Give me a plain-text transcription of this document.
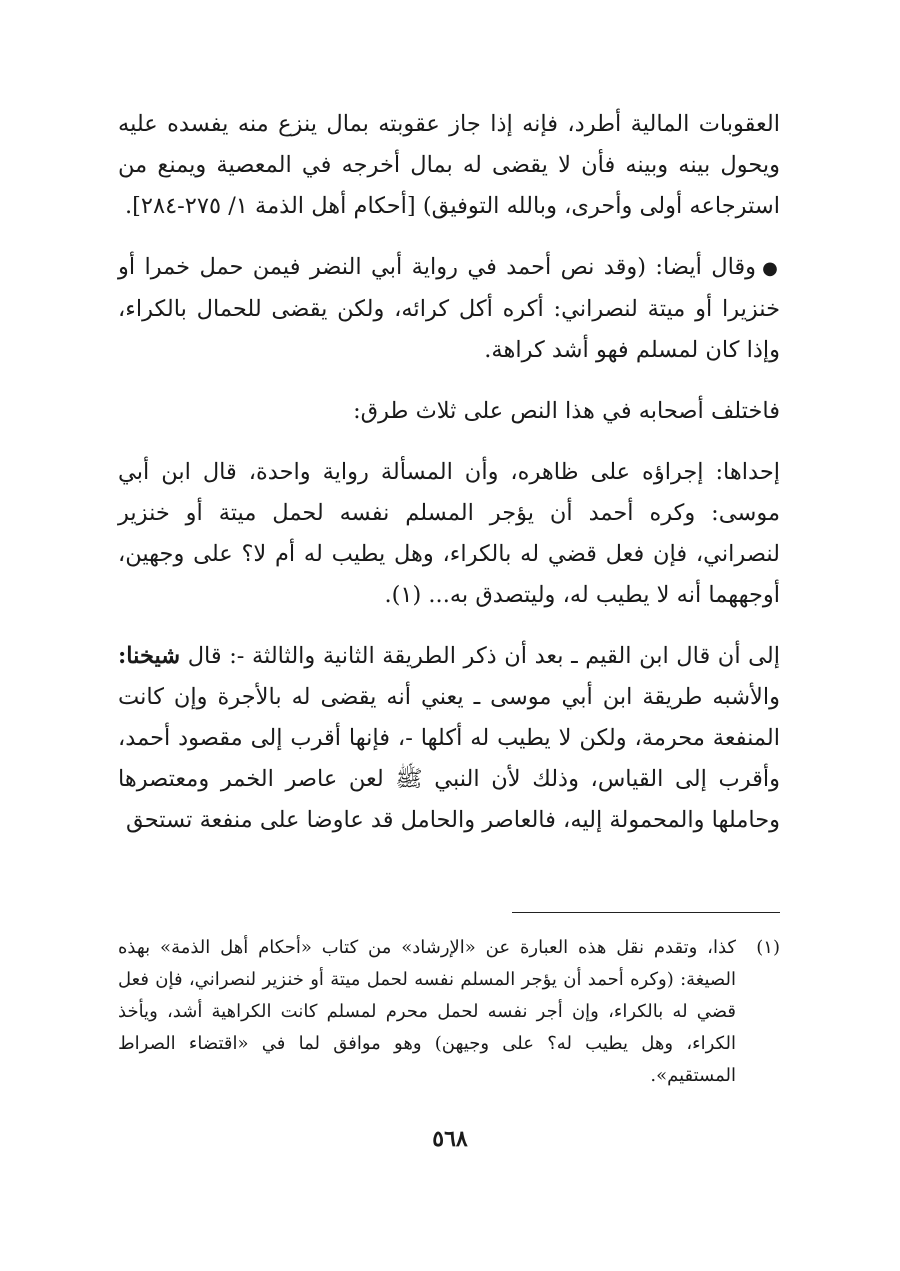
العقوبات المالية أطرد، فإنه إذا جاز عقوبته بمال ينزع منه يفسده عليه ويحول بينه وبينه فأن لا يقضى له بمال أخرجه في المعصية ويمنع من استرجاعه أولى وأحرى، وبالله التوفيق) [أحكام أهل الذمة ١/ ٢٧٥-٢٨٤].

●وقال أيضا: (وقد نص أحمد في رواية أبي النضر فيمن حمل خمرا أو خنزيرا أو ميتة لنصراني: أكره أكل كرائه، ولكن يقضى للحمال بالكراء، وإذا كان لمسلم فهو أشد كراهة.

فاختلف أصحابه في هذا النص على ثلاث طرق:

إحداها: إجراؤه على ظاهره، وأن المسألة رواية واحدة، قال ابن أبي موسى: وكره أحمد أن يؤجر المسلم نفسه لحمل ميتة أو خنزير لنصراني، فإن فعل قضي له بالكراء، وهل يطيب له أم لا؟ على وجهين، أوجههما أنه لا يطيب له، وليتصدق به... (١).

إلى أن قال ابن القيم ـ بعد أن ذكر الطريقة الثانية والثالثة -: قال شيخنا: والأشبه طريقة ابن أبي موسى ـ يعني أنه يقضى له بالأجرة وإن كانت المنفعة محرمة، ولكن لا يطيب له أكلها -، فإنها أقرب إلى مقصود أحمد، وأقرب إلى القياس، وذلك لأن النبي ﷺ لعن عاصر الخمر ومعتصرها وحاملها والمحمولة إليه، فالعاصر والحامل قد عاوضا على منفعة تستحق

(١)

كذا، وتقدم نقل هذه العبارة عن «الإرشاد» من كتاب «أحكام أهل الذمة» بهذه الصيغة: (وكره أحمد أن يؤجر المسلم نفسه لحمل ميتة أو خنزير لنصراني، فإن فعل قضي له بالكراء، وإن أجر نفسه لحمل محرم لمسلم كانت الكراهية أشد، ويأخذ الكراء، وهل يطيب له؟ على وجيهن) وهو موافق لما في «اقتضاء الصراط المستقيم».

٥٦٨
